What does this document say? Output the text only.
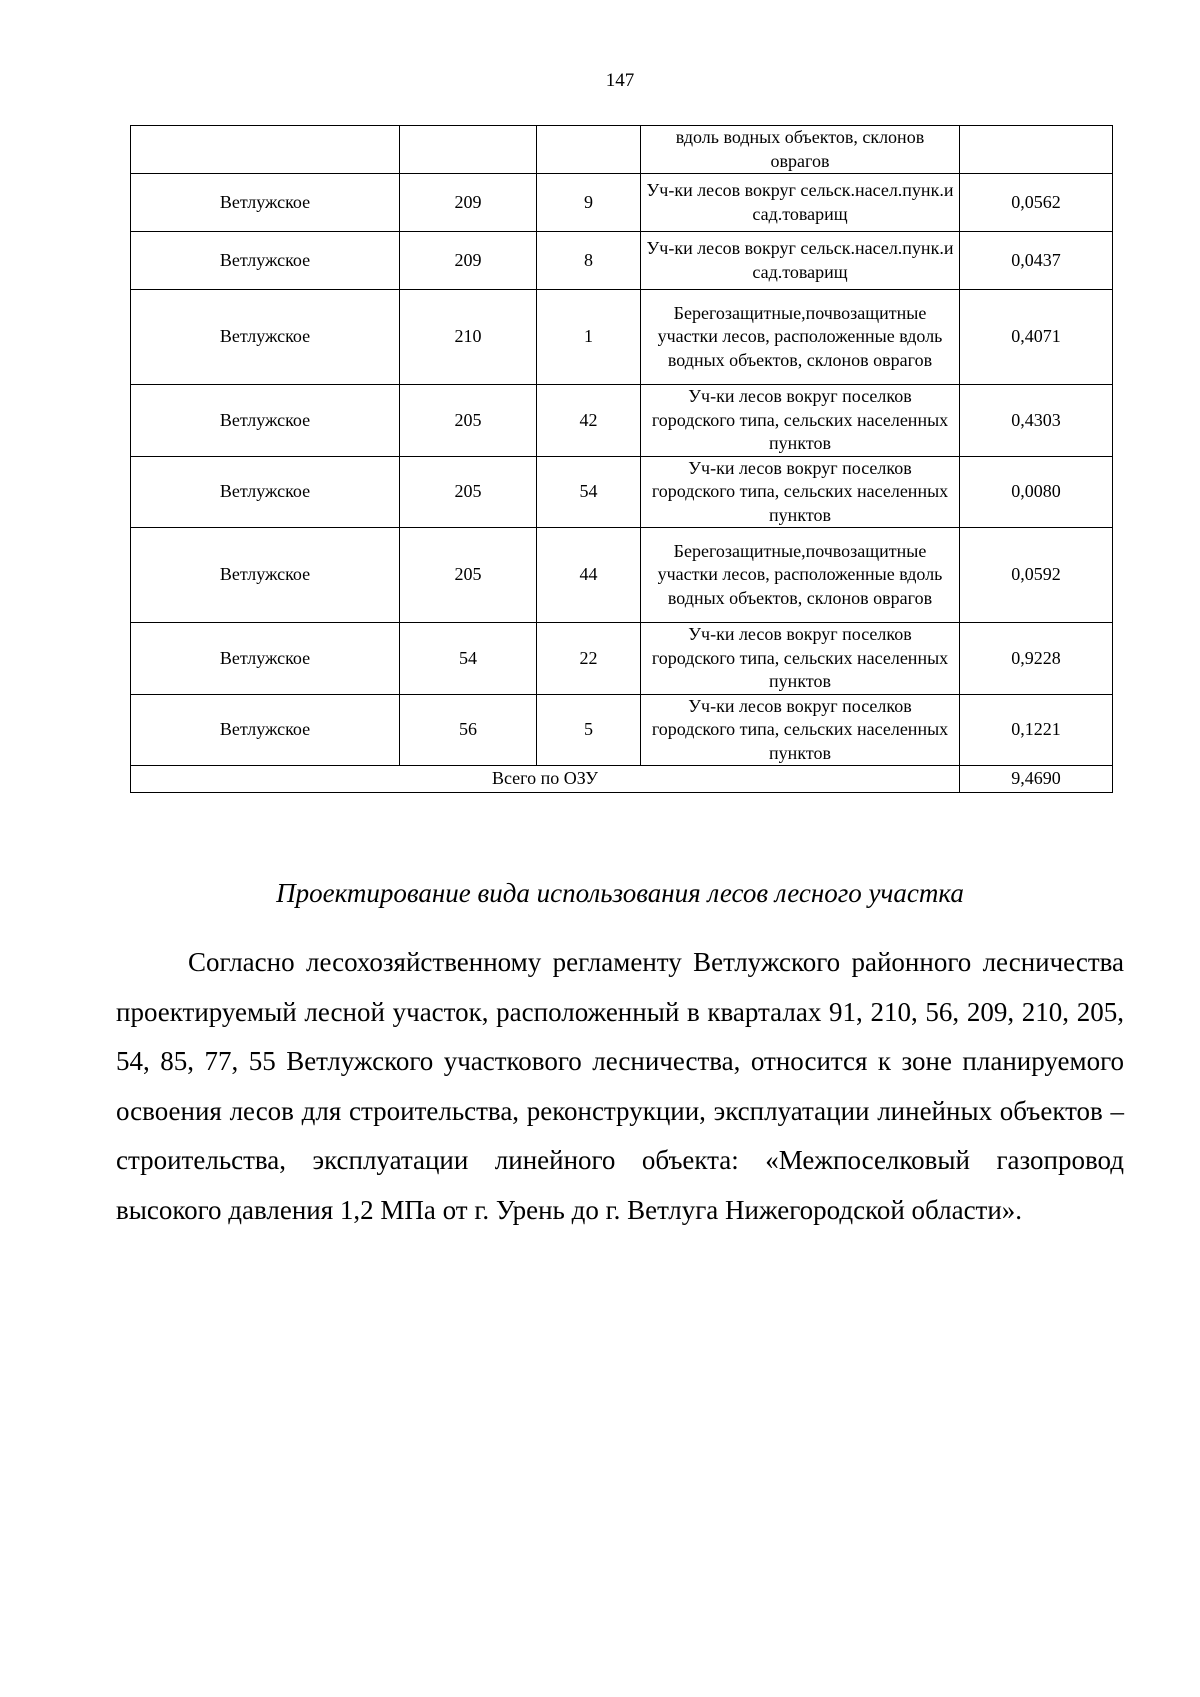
147
			вдоль водных объектов, склонов оврагов	
Ветлужское	209	9	Уч-ки лесов вокруг сельск.насел.пунк.и сад.товарищ	0,0562
Ветлужское	209	8	Уч-ки лесов вокруг сельск.насел.пунк.и сад.товарищ	0,0437
Ветлужское	210	1	Берегозащитные,почвозащитные участки лесов, расположенные вдоль водных объектов, склонов оврагов	0,4071
Ветлужское	205	42	Уч-ки лесов вокруг поселков городского типа, сельских населенных пунктов	0,4303
Ветлужское	205	54	Уч-ки лесов вокруг поселков городского типа, сельских населенных пунктов	0,0080
Ветлужское	205	44	Берегозащитные,почвозащитные участки лесов, расположенные вдоль водных объектов, склонов оврагов	0,0592
Ветлужское	54	22	Уч-ки лесов вокруг поселков городского типа, сельских населенных пунктов	0,9228
Ветлужское	56	5	Уч-ки лесов вокруг поселков городского типа, сельских населенных пунктов	0,1221
Всего по ОЗУ				9,4690
Проектирование вида использования лесов лесного участка

Согласно лесохозяйственному регламенту Ветлужского районного лесничества проектируемый лесной участок, расположенный в кварталах 91, 210, 56, 209, 210, 205, 54, 85, 77, 55 Ветлужского участкового лесничества, относится к зоне планируемого освоения лесов для строительства, реконструкции, эксплуатации линейных объектов – строительства, эксплуатации линейного объекта: «Межпоселковый газопровод высокого давления 1,2 МПа от г. Урень до г. Ветлуга Нижегородской области».
